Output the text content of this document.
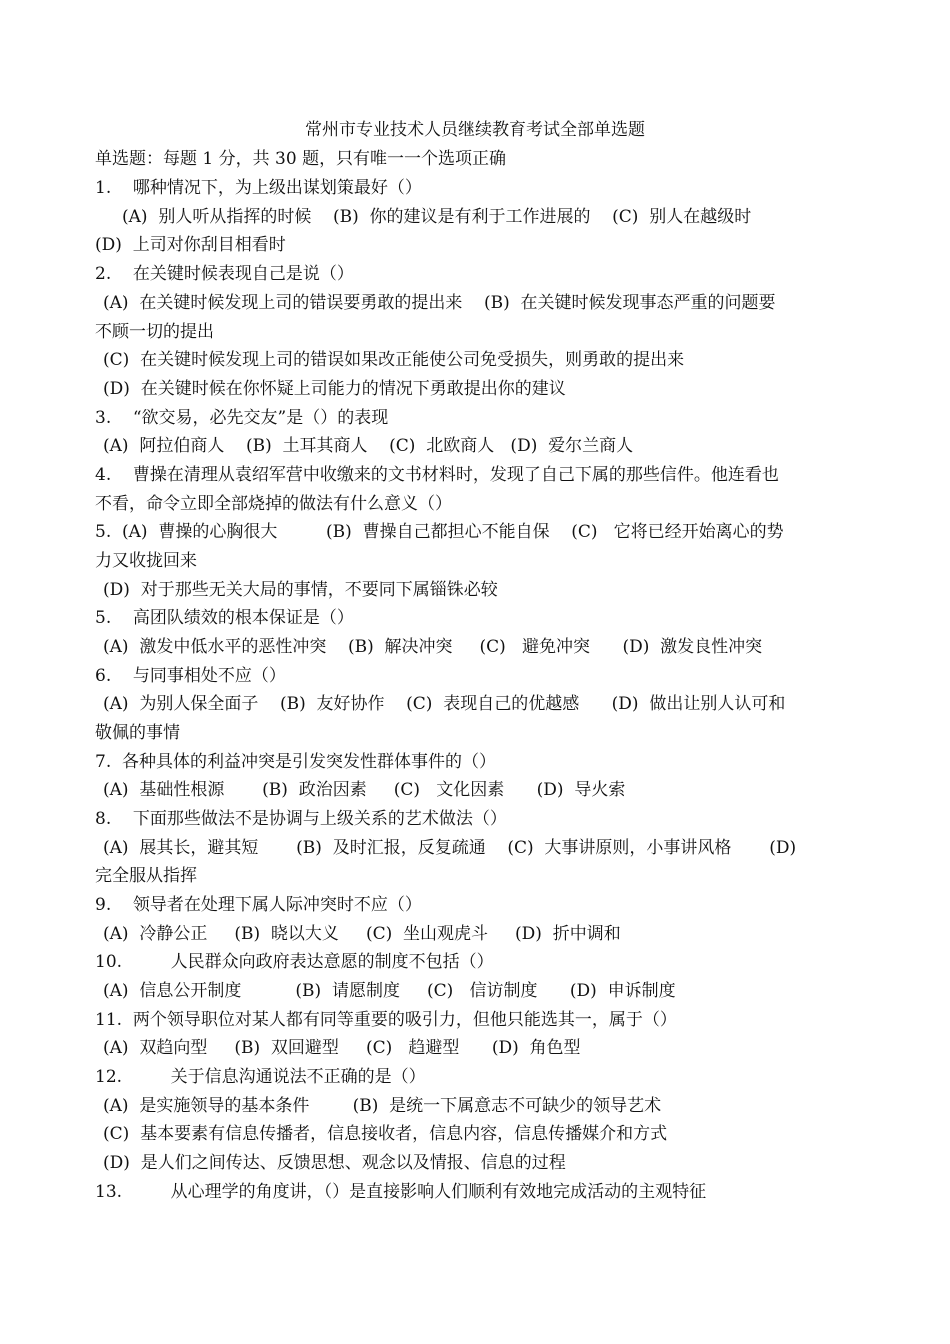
常州市专业技术人员继续教育考试全部单选题
单选题：每题 1 分，共 30 题，只有唯一一个选项正确
1.    哪种情况下，为上级出谋划策最好（）
(A)  别人听从指挥的时候    (B)  你的建议是有利于工作进展的    (C)  别人在越级时
(D)  上司对你刮目相看时
2.    在关键时候表现自己是说（）
(A)  在关键时候发现上司的错误要勇敢的提出来    (B)  在关键时候发现事态严重的问题要
不顾一切的提出
(C)  在关键时候发现上司的错误如果改正能使公司免受损失，则勇敢的提出来
(D)  在关键时候在你怀疑上司能力的情况下勇敢提出你的建议
3.    “欲交易，必先交友”是（）的表现
(A)  阿拉伯商人    (B)  土耳其商人    (C)  北欧商人   (D)  爱尔兰商人
4.    曹操在清理从袁绍军营中收缴来的文书材料时，发现了自己下属的那些信件。他连看也
不看，命令立即全部烧掉的做法有什么意义（）
5.  (A)  曹操的心胸很大         (B)  曹操自己都担心不能自保    (C)   它将已经开始离心的势
力又收拢回来
(D)  对于那些无关大局的事情，不要同下属锱铢必较
5.    高团队绩效的根本保证是（）
(A)  激发中低水平的恶性冲突    (B)  解决冲突     (C)   避免冲突      (D)  激发良性冲突
6.    与同事相处不应（）
(A)  为别人保全面子    (B)  友好协作    (C)  表现自己的优越感      (D)  做出让别人认可和
敬佩的事情
7.  各种具体的利益冲突是引发突发性群体事件的（）
(A)  基础性根源       (B)  政治因素     (C)   文化因素      (D)  导火索
8.    下面那些做法不是协调与上级关系的艺术做法（）
(A)  展其长，避其短       (B)  及时汇报，反复疏通    (C)  大事讲原则，小事讲风格       (D)
完全服从指挥
9.    领导者在处理下属人际冲突时不应（）
(A)  冷静公正     (B)  晓以大义     (C)  坐山观虎斗     (D)  折中调和
10.         人民群众向政府表达意愿的制度不包括（）
(A)  信息公开制度          (B)  请愿制度     (C)   信访制度      (D)  申诉制度
11.  两个领导职位对某人都有同等重要的吸引力，但他只能选其一，属于（）
(A)  双趋向型     (B)  双回避型     (C)   趋避型      (D)  角色型
12.         关于信息沟通说法不正确的是（）
(A)  是实施领导的基本条件        (B)  是统一下属意志不可缺少的领导艺术
(C)  基本要素有信息传播者，信息接收者，信息内容，信息传播媒介和方式
(D)  是人们之间传达、反馈思想、观念以及情报、信息的过程
13.         从心理学的角度讲，（）是直接影响人们顺利有效地完成活动的主观特征
